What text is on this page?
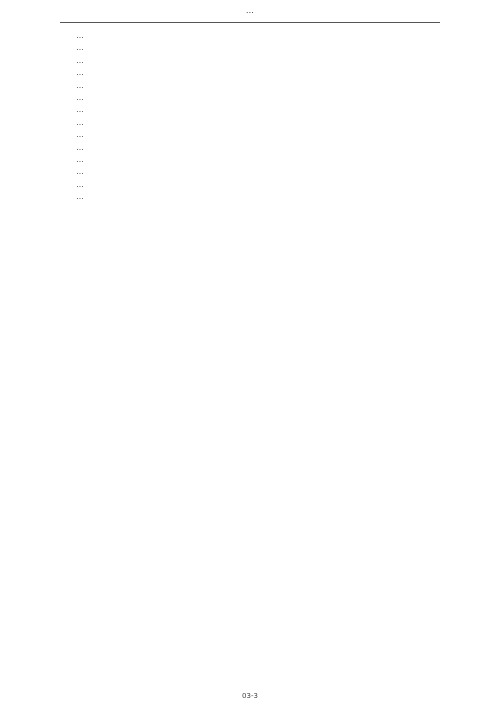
…

…

…

…

…

…

…

…

…

…

…

…

…

…

…

03-3
